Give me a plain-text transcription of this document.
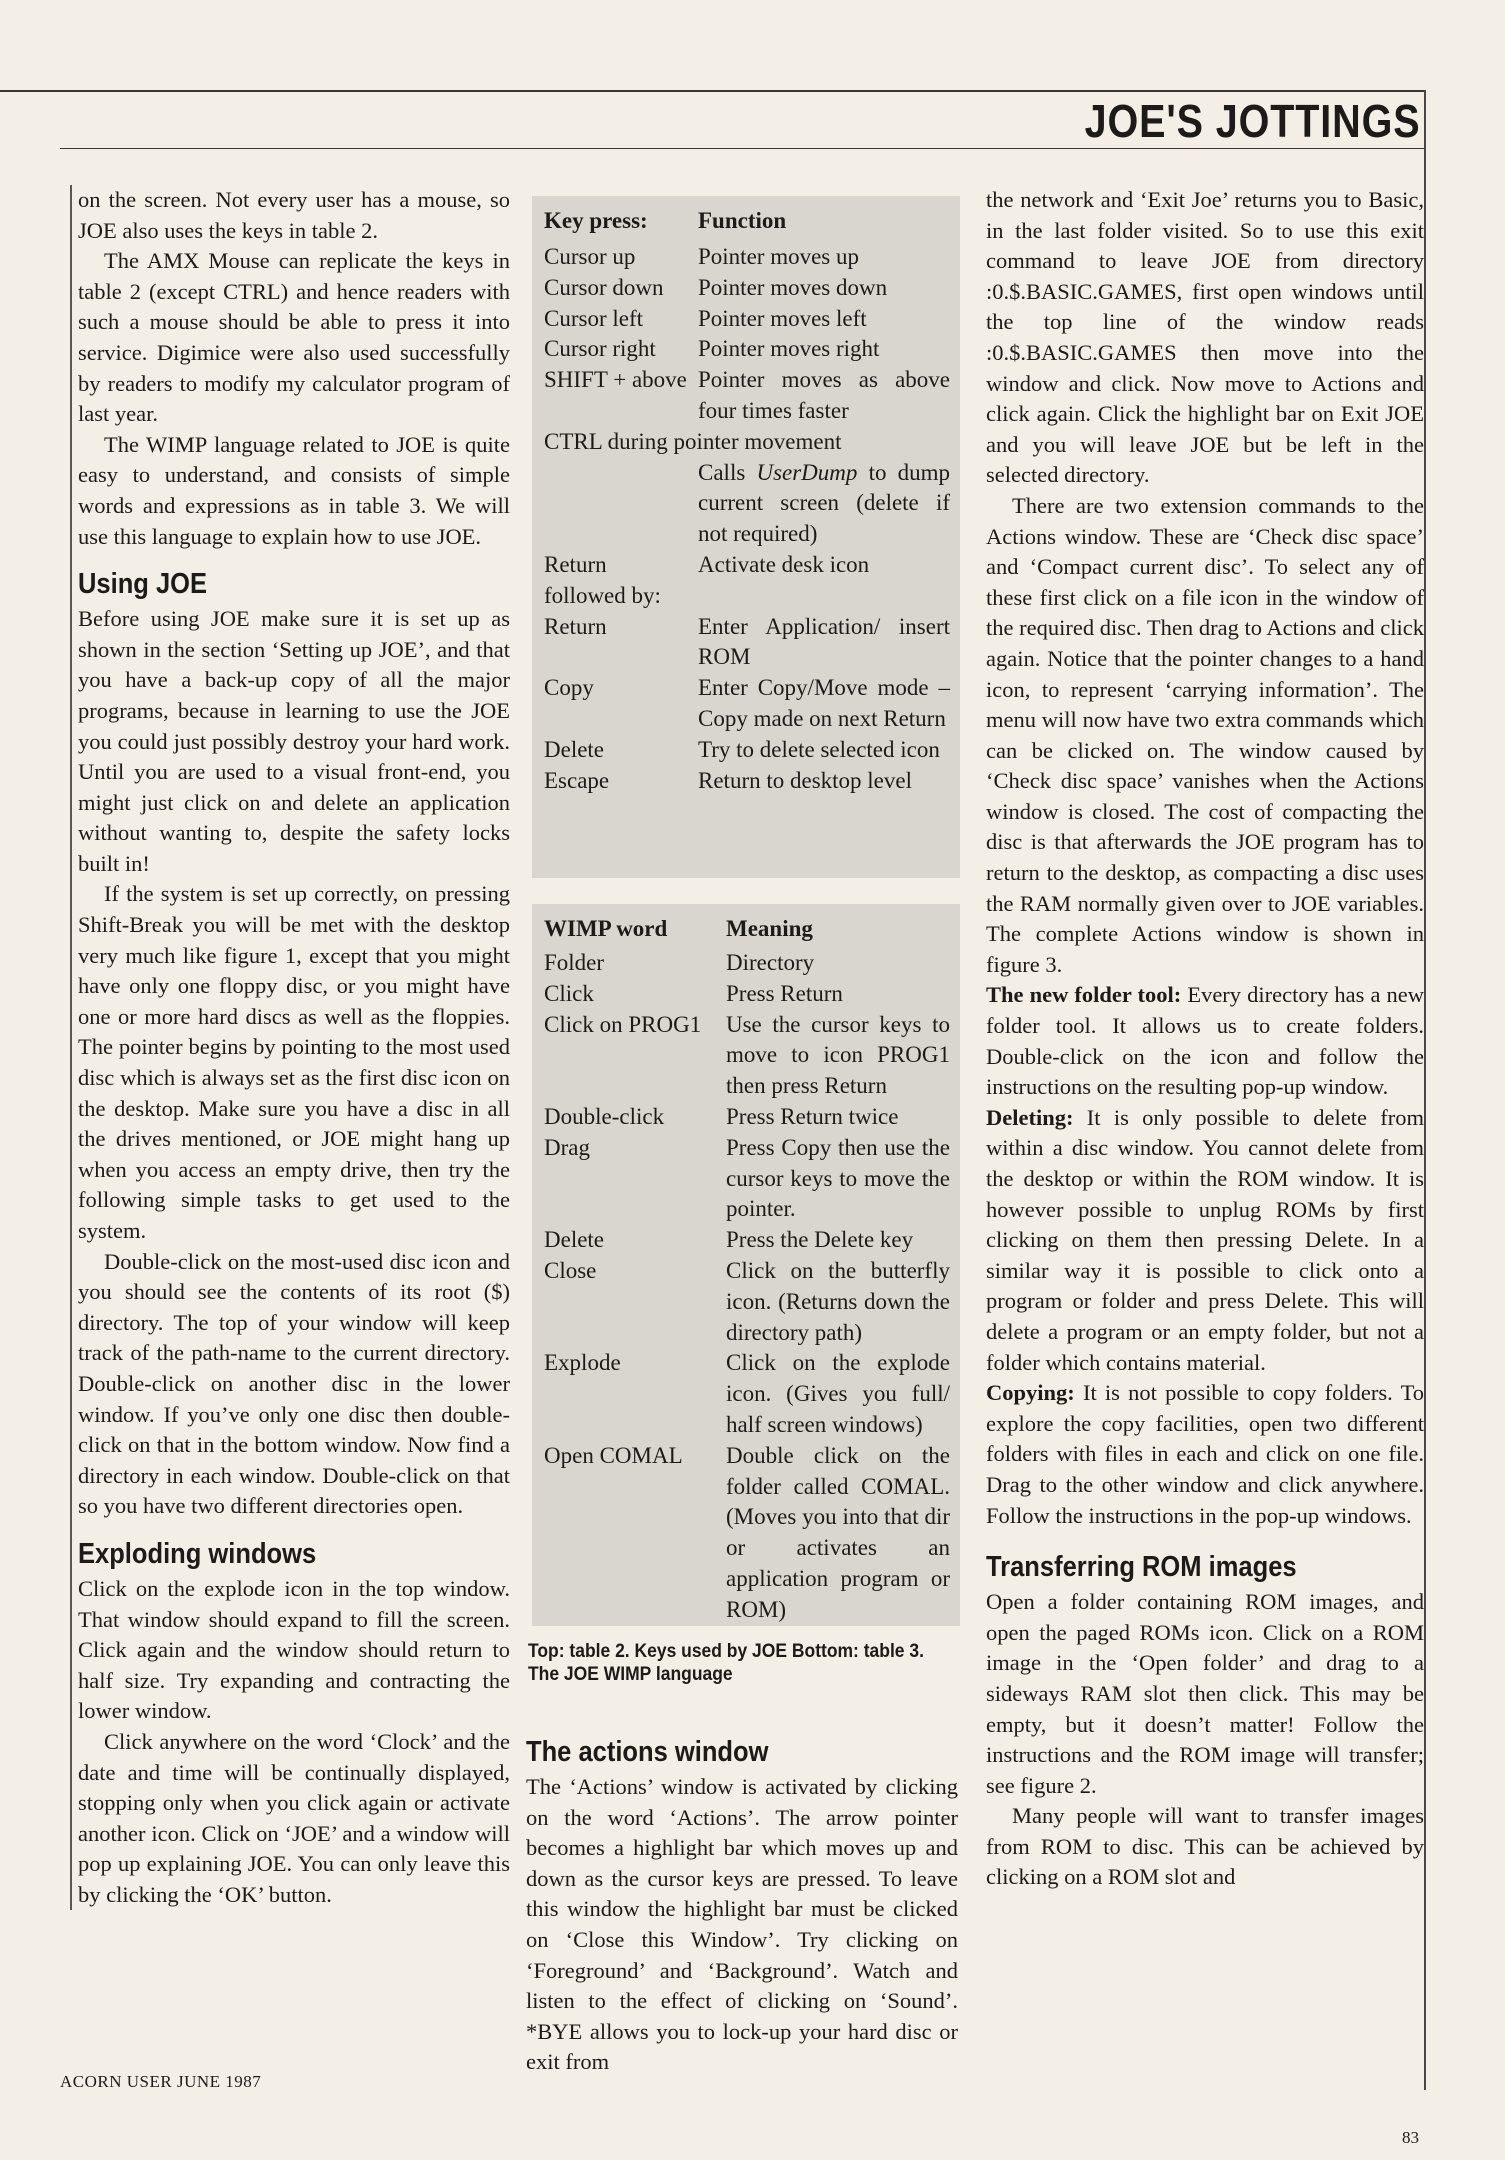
JOE'S JOTTINGS

on the screen. Not every user has a mouse, so JOE also uses the keys in table 2.

The AMX Mouse can replicate the keys in table 2 (except CTRL) and hence readers with such a mouse should be able to press it into service. Digimice were also used successfully by readers to modify my calculator program of last year.

The WIMP language related to JOE is quite easy to understand, and consists of simple words and expressions as in table 3. We will use this language to explain how to use JOE.

Using JOE

Before using JOE make sure it is set up as shown in the section ‘Setting up JOE’, and that you have a back-up copy of all the major programs, because in learning to use the JOE you could just possibly destroy your hard work. Until you are used to a visual front-end, you might just click on and delete an application without wanting to, despite the safety locks built in!

If the system is set up correctly, on pressing Shift-Break you will be met with the desktop very much like figure 1, except that you might have only one floppy disc, or you might have one or more hard discs as well as the floppies. The pointer begins by pointing to the most used disc which is always set as the first disc icon on the desktop. Make sure you have a disc in all the drives mentioned, or JOE might hang up when you access an empty drive, then try the following simple tasks to get used to the system.

Double-click on the most-used disc icon and you should see the contents of its root ($) directory. The top of your window will keep track of the path-name to the current directory. Double-click on another disc in the lower window. If you’ve only one disc then double-click on that in the bottom window. Now find a directory in each window. Double-click on that so you have two different directories open.

Exploding windows

Click on the explode icon in the top window. That window should expand to fill the screen. Click again and the window should return to half size. Try expanding and contracting the lower window.

Click anywhere on the word ‘Clock’ and the date and time will be continually displayed, stopping only when you click again or activate another icon. Click on ‘JOE’ and a window will pop up explaining JOE. You can only leave this by clicking the ‘OK’ button.

Key press:	Function
Cursor up	Pointer moves up
Cursor down	Pointer moves down
Cursor left	Pointer moves left
Cursor right	Pointer moves right
SHIFT + above	Pointer moves as above four times faster
CTRL during pointer movement	
	Calls UserDump to dump current screen (delete if not required)
Return	Activate desk icon
followed by:	
Return	Enter Application/ insert ROM
Copy	Enter Copy/Move mode – Copy made on next Return
Delete	Try to delete selected icon
Escape	Return to desktop level
WIMP word	Meaning
Folder	Directory
Click	Press Return
Click on PROG1	Use the cursor keys to move to icon PROG1 then press Return
Double-click	Press Return twice
Drag	Press Copy then use the cursor keys to move the pointer.
Delete	Press the Delete key
Close	Click on the butterfly icon. (Returns down the directory path)
Explode	Click on the explode icon. (Gives you full/ half screen windows)
Open COMAL	Double click on the folder called COMAL. (Moves you into that dir or activates an application program or ROM)
Top: table 2. Keys used by JOE Bottom: table 3. The JOE WIMP language
The actions window

The ‘Actions’ window is activated by clicking on the word ‘Actions’. The arrow pointer becomes a highlight bar which moves up and down as the cursor keys are pressed. To leave this window the highlight bar must be clicked on ‘Close this Window’. Try clicking on ‘Foreground’ and ‘Background’. Watch and listen to the effect of clicking on ‘Sound’. *BYE allows you to lock-up your hard disc or exit from

the network and ‘Exit Joe’ returns you to Basic, in the last folder visited. So to use this exit command to leave JOE from directory :0.$.BASIC.GAMES, first open windows until the top line of the window reads :0.$.BASIC.GAMES then move into the window and click. Now move to Actions and click again. Click the highlight bar on Exit JOE and you will leave JOE but be left in the selected directory.

There are two extension commands to the Actions window. These are ‘Check disc space’ and ‘Compact current disc’. To select any of these first click on a file icon in the window of the required disc. Then drag to Actions and click again. Notice that the pointer changes to a hand icon, to represent ‘carrying information’. The menu will now have two extra commands which can be clicked on. The window caused by ‘Check disc space’ vanishes when the Actions window is closed. The cost of compacting the disc is that afterwards the JOE program has to return to the desktop, as compacting a disc uses the RAM normally given over to JOE variables. The complete Actions window is shown in figure 3.

The new folder tool: Every directory has a new folder tool. It allows us to create folders. Double-click on the icon and follow the instructions on the resulting pop-up window.

Deleting: It is only possible to delete from within a disc window. You cannot delete from the desktop or within the ROM window. It is however possible to unplug ROMs by first clicking on them then pressing Delete. In a similar way it is possible to click onto a program or folder and press Delete. This will delete a program or an empty folder, but not a folder which contains material.

Copying: It is not possible to copy folders. To explore the copy facilities, open two different folders with files in each and click on one file. Drag to the other window and click anywhere. Follow the instructions in the pop-up windows.

Transferring ROM images

Open a folder containing ROM images, and open the paged ROMs icon. Click on a ROM image in the ‘Open folder’ and drag to a sideways RAM slot then click. This may be empty, but it doesn’t matter! Follow the instructions and the ROM image will transfer; see figure 2.

Many people will want to transfer images from ROM to disc. This can be achieved by clicking on a ROM slot and

ACORN USER JUNE 1987
83
